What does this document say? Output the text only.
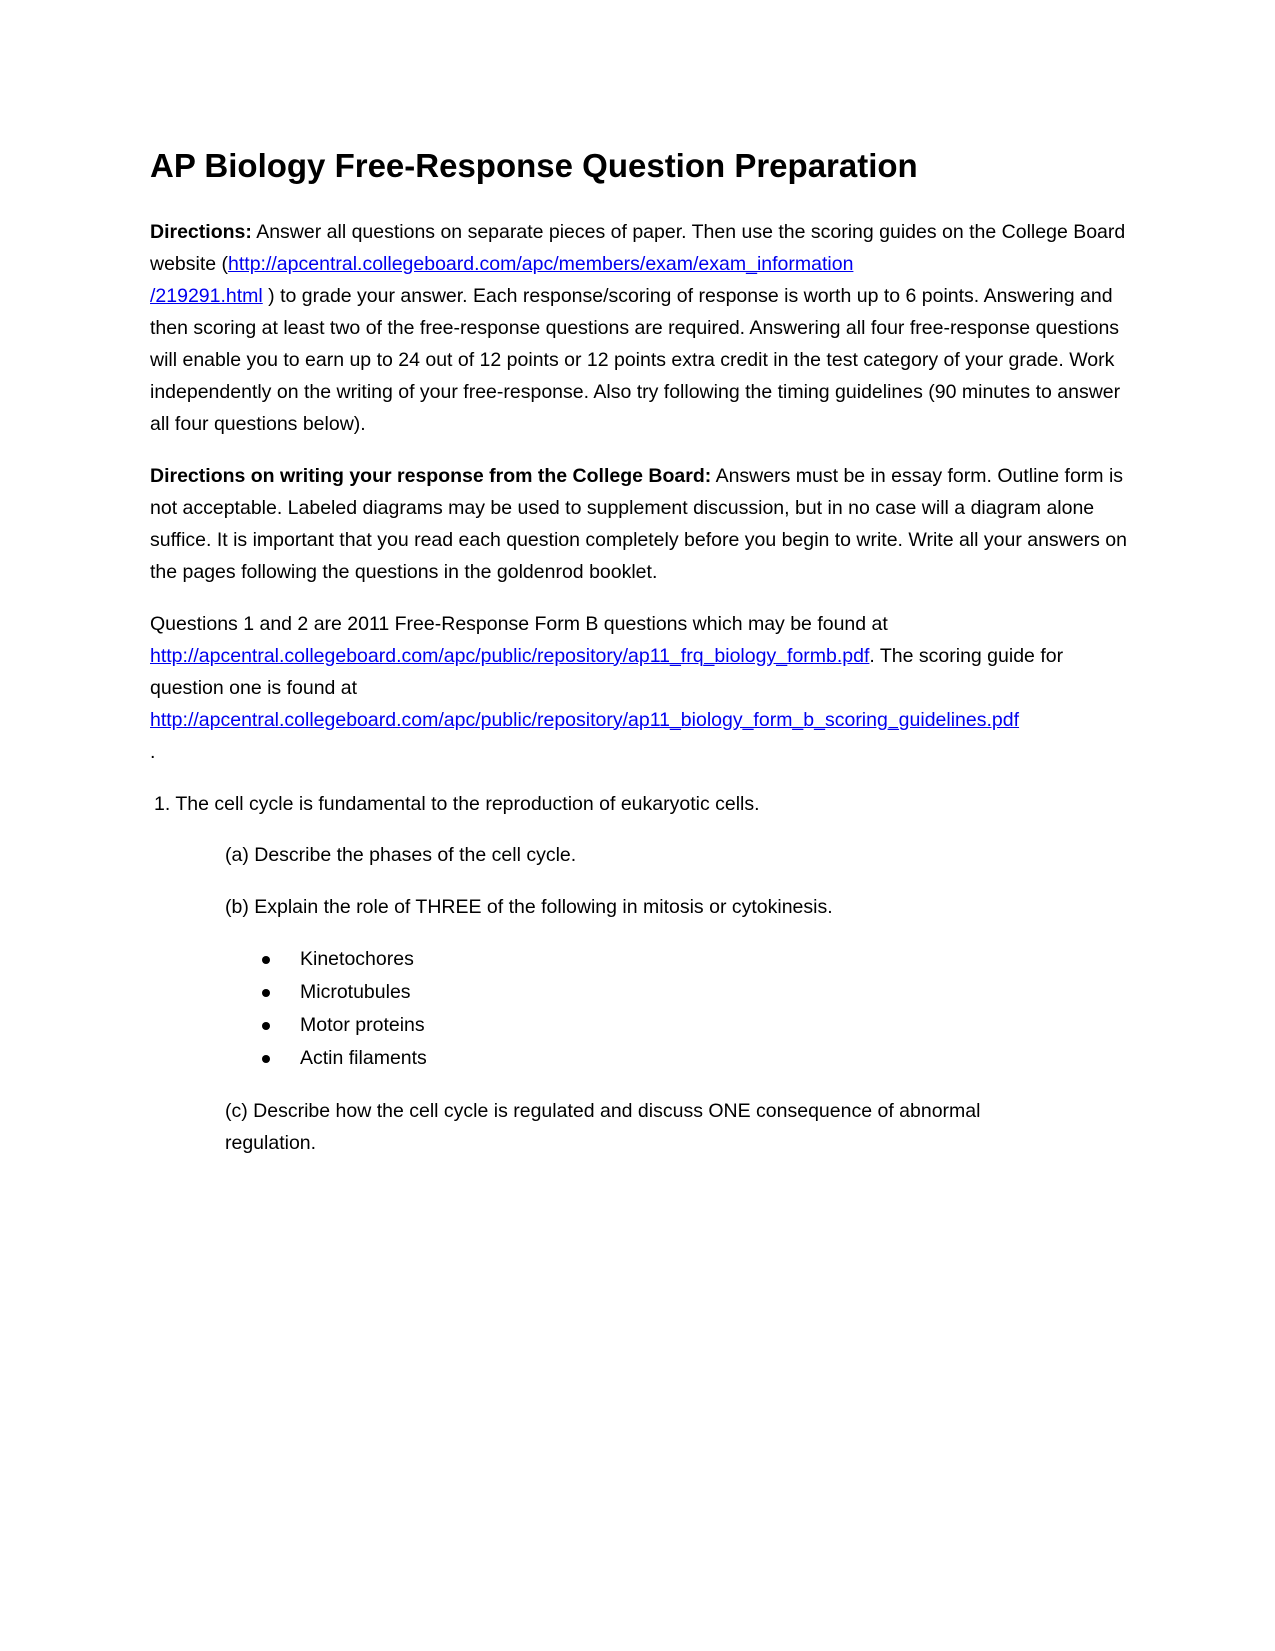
AP Biology Free-Response Question Preparation

Directions: Answer all questions on separate pieces of paper. Then use the scoring guides on the College Board website (http://apcentral.collegeboard.com/apc/members/exam/exam_information
/219291.html ) to grade your answer. Each response/scoring of response is worth up to 6 points. Answering and then scoring at least two of the free-response questions are required. Answering all four free-response questions will enable you to earn up to 24 out of 12 points or 12 points extra credit in the test category of your grade. Work independently on the writing of your free-response. Also try following the timing guidelines (90 minutes to answer all four questions below).

Directions on writing your response from the College Board: Answers must be in essay form. Outline form is not acceptable. Labeled diagrams may be used to supplement discussion, but in no case will a diagram alone suffice. It is important that you read each question completely before you begin to write. Write all your answers on the pages following the questions in the goldenrod booklet.

Questions 1 and 2 are 2011 Free-Response Form B questions which may be found at
http://apcentral.collegeboard.com/apc/public/repository/ap11_frq_biology_formb.pdf. The scoring guide for question one is found at
http://apcentral.collegeboard.com/apc/public/repository/ap11_biology_form_b_scoring_guidelines.pdf
.

1. The cell cycle is fundamental to the reproduction of eukaryotic cells.
(a) Describe the phases of the cell cycle.
(b) Explain the role of THREE of the following in mitosis or cytokinesis.
Kinetochores
Microtubules
Motor proteins
Actin filaments
(c) Describe how the cell cycle is regulated and discuss ONE consequence of abnormal regulation.
